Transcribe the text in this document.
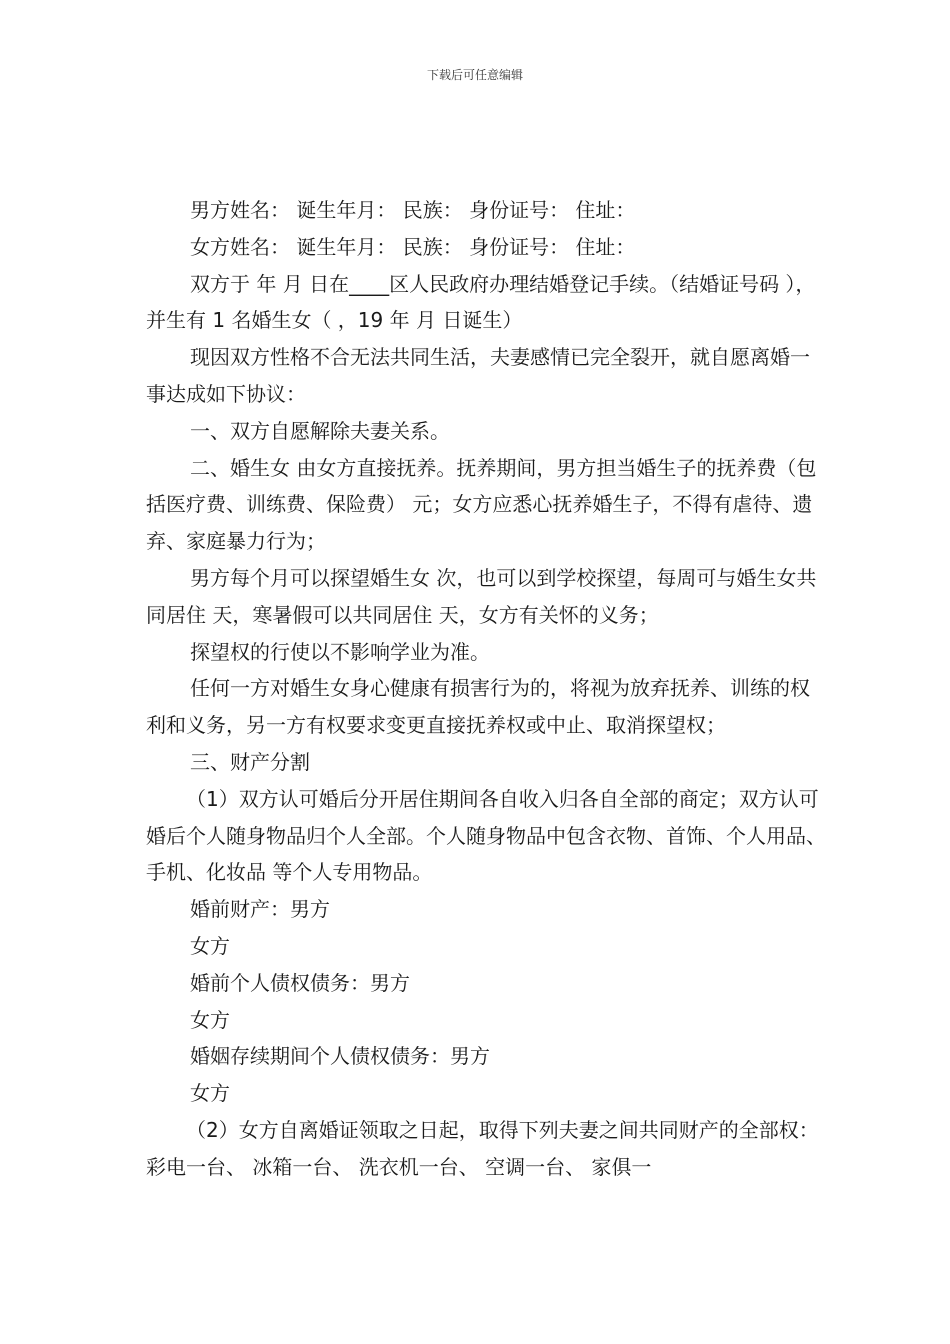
下载后可任意编辑

男方姓名： 诞生年月： 民族： 身份证号： 住址：

女方姓名： 诞生年月： 民族： 身份证号： 住址：

双方于 年 月 日在____区人民政府办理结婚登记手续。（结婚证号码 ），并生有 1 名婚生女（ ，19 年 月 日诞生）

现因双方性格不合无法共同生活，夫妻感情已完全裂开，就自愿离婚一事达成如下协议：

一、双方自愿解除夫妻关系。

二、婚生女 由女方直接抚养。抚养期间，男方担当婚生子的抚养费（包括医疗费、训练费、保险费） 元；女方应悉心抚养婚生子，不得有虐待、遗弃、家庭暴力行为；

男方每个月可以探望婚生女 次，也可以到学校探望，每周可与婚生女共同居住 天，寒暑假可以共同居住 天，女方有关怀的义务；

探望权的行使以不影响学业为准。

任何一方对婚生女身心健康有损害行为的，将视为放弃抚养、训练的权利和义务，另一方有权要求变更直接抚养权或中止、取消探望权；

三、财产分割

（1）双方认可婚后分开居住期间各自收入归各自全部的商定；双方认可婚后个人随身物品归个人全部。个人随身物品中包含衣物、首饰、个人用品、手机、化妆品 等个人专用物品。

婚前财产：男方

女方

婚前个人债权债务：男方

女方

婚姻存续期间个人债权债务：男方

女方

（2）女方自离婚证领取之日起，取得下列夫妻之间共同财产的全部权：彩电一台、 冰箱一台、 洗衣机一台、 空调一台、 家俱一
